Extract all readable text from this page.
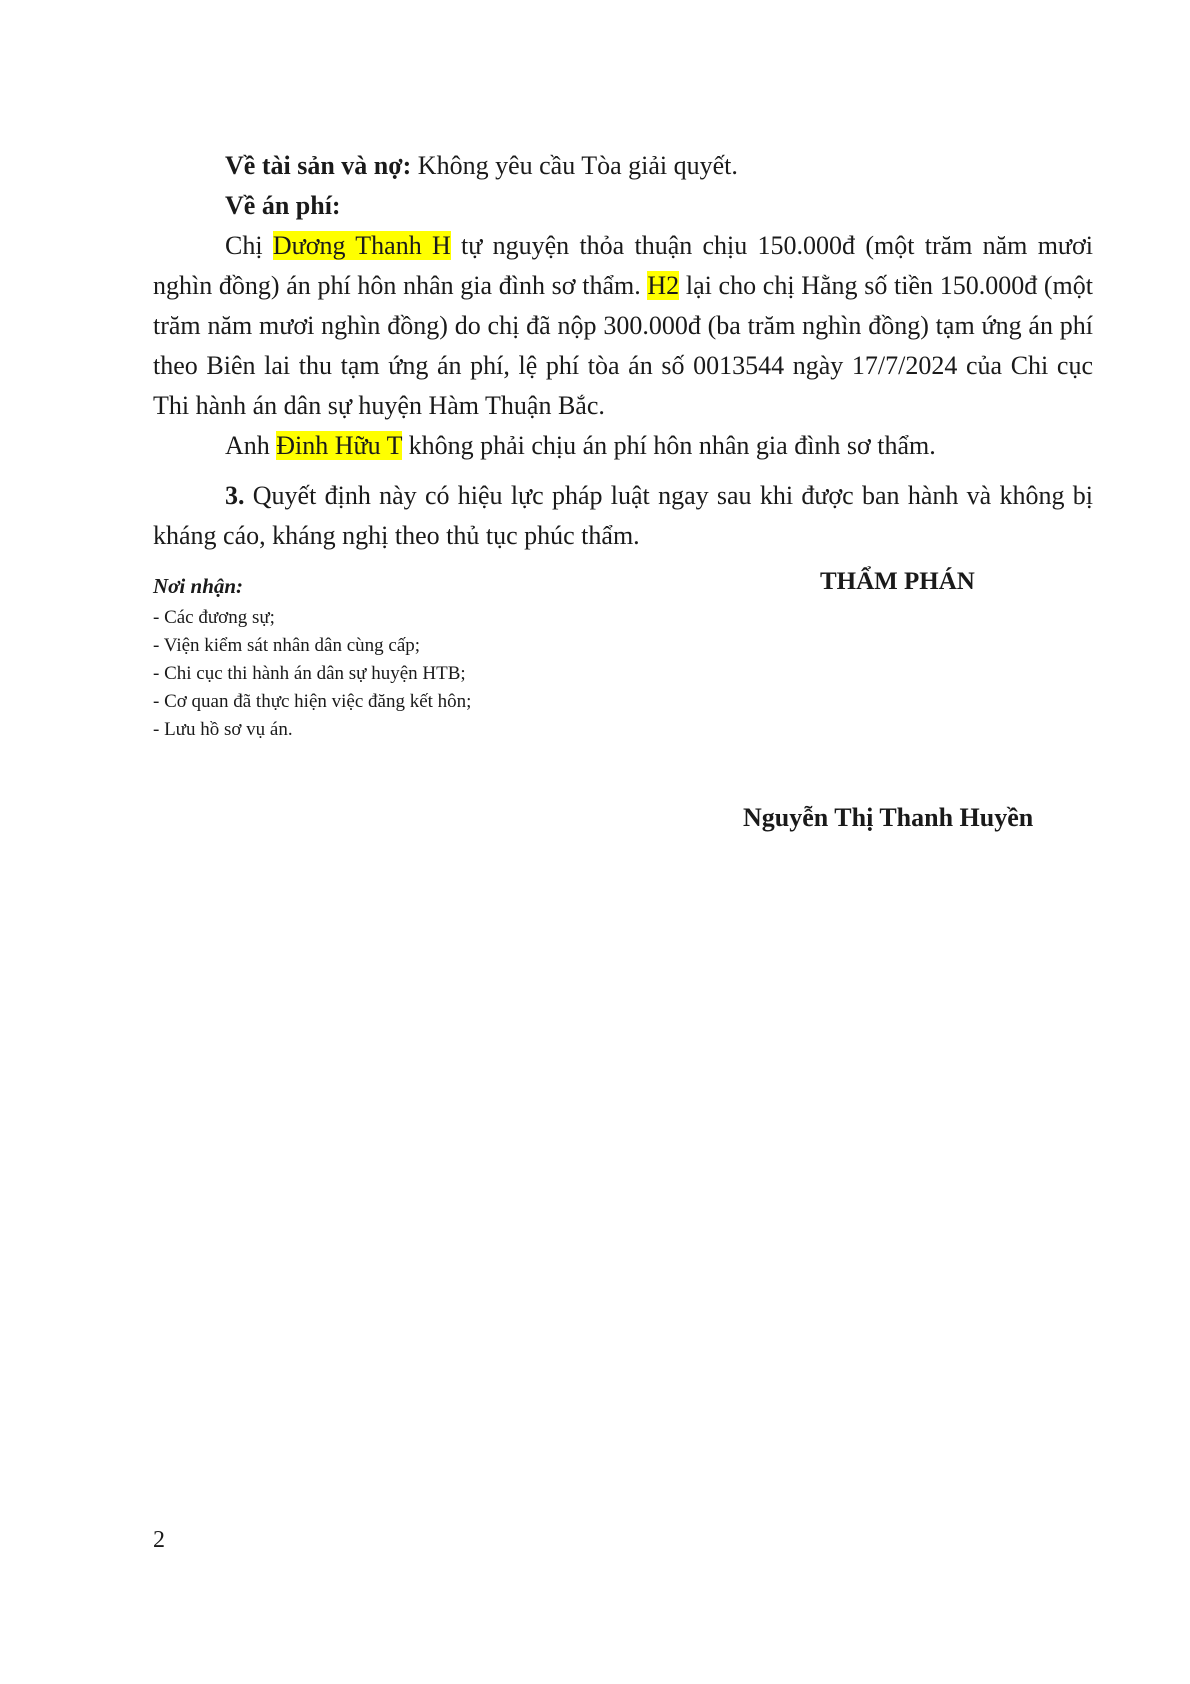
Về tài sản và nợ: Không yêu cầu Tòa giải quyết.

Về án phí:

Chị Dương Thanh H tự nguyện thỏa thuận chịu 150.000đ (một trăm năm mươi nghìn đồng) án phí hôn nhân gia đình sơ thẩm. H2 lại cho chị Hằng số tiền 150.000đ (một trăm năm mươi nghìn đồng) do chị đã nộp 300.000đ (ba trăm nghìn đồng) tạm ứng án phí theo Biên lai thu tạm ứng án phí, lệ phí tòa án số 0013544 ngày 17/7/2024 của Chi cục Thi hành án dân sự huyện Hàm Thuận Bắc.

Anh Đinh Hữu T không phải chịu án phí hôn nhân gia đình sơ thẩm.

3. Quyết định này có hiệu lực pháp luật ngay sau khi được ban hành và không bị kháng cáo, kháng nghị theo thủ tục phúc thẩm.

Nơi nhận:
- Các đương sự;
- Viện kiểm sát nhân dân cùng cấp;
- Chi cục thi hành án dân sự huyện HTB;
- Cơ quan đã thực hiện việc đăng kết hôn;
- Lưu hồ sơ vụ án.
THẨM PHÁN
Nguyễn Thị Thanh Huyền
2
